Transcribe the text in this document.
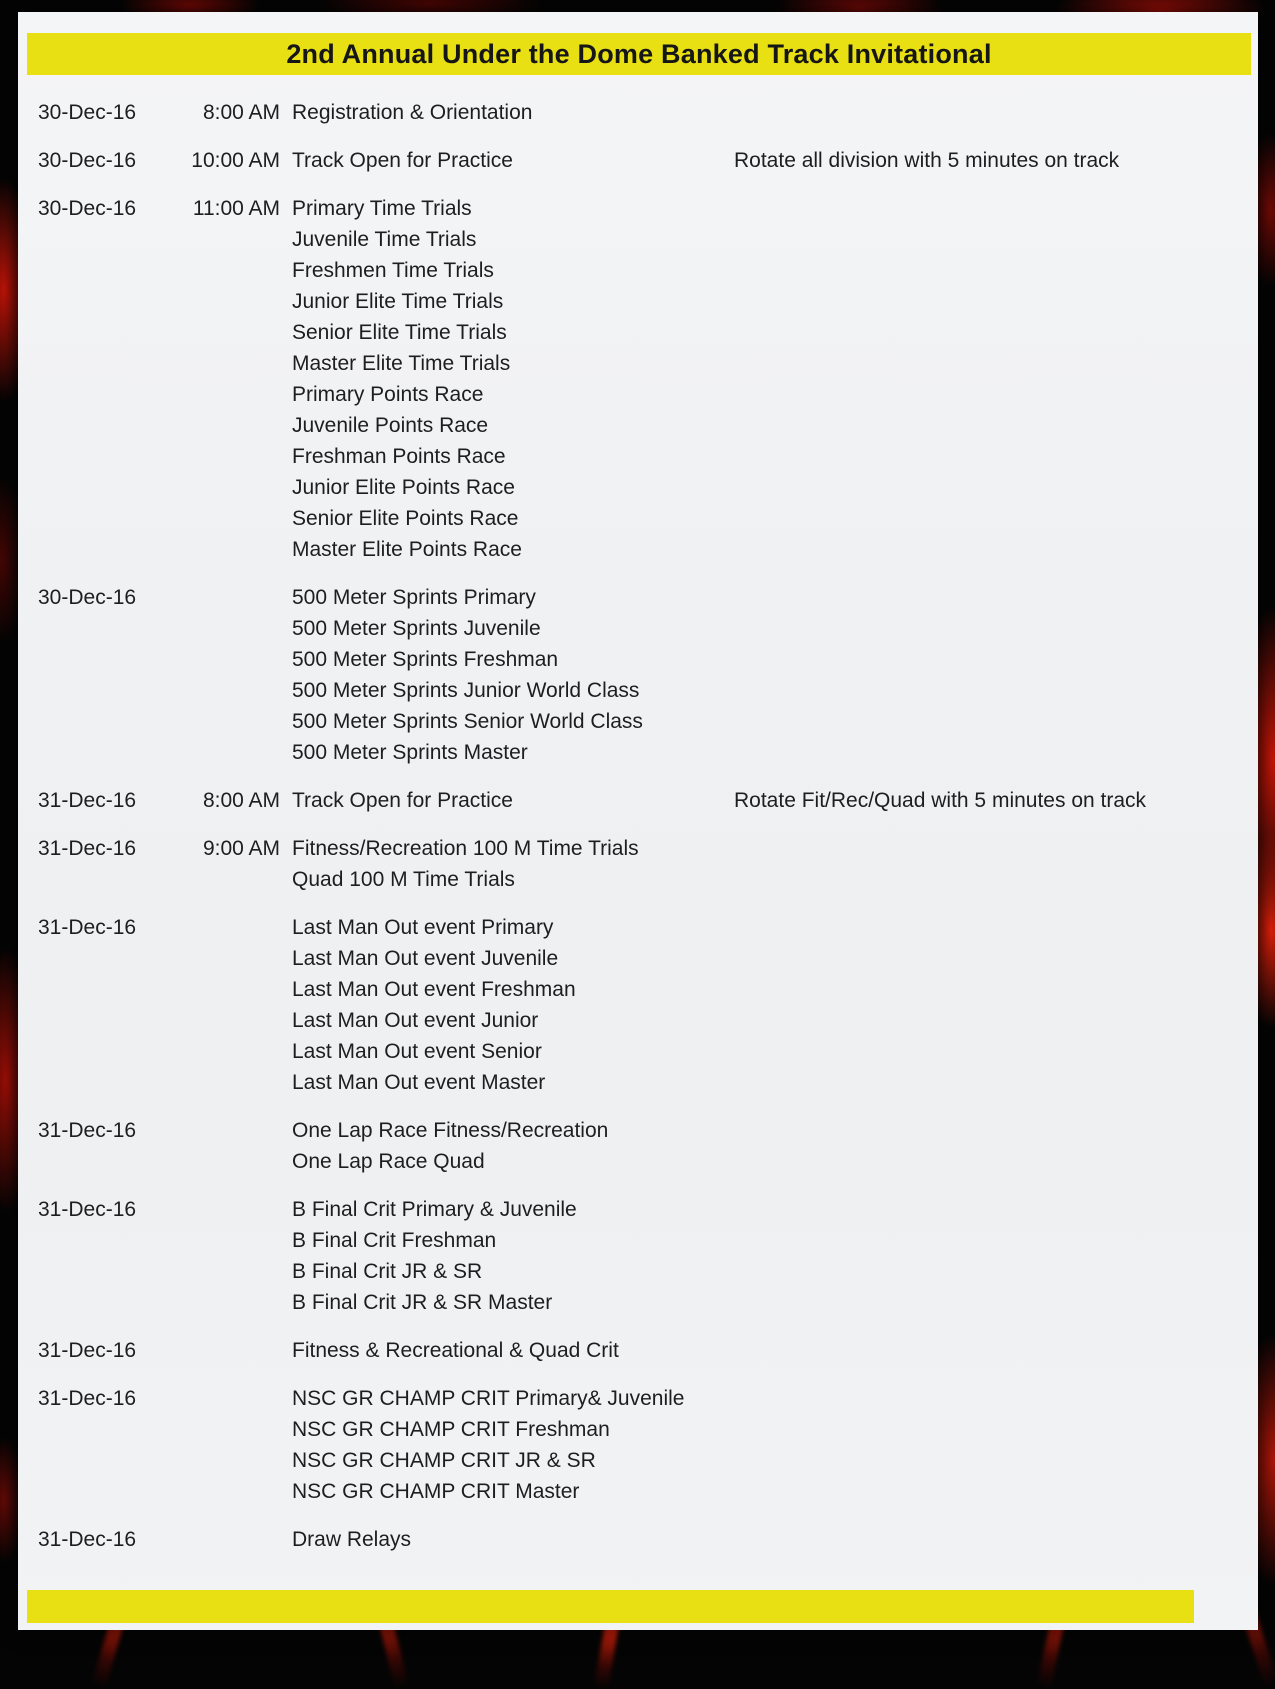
2nd Annual Under the Dome Banked Track Invitational
30-Dec-16	8:00 AM Registration & Orientation
30-Dec-16	10:00 AM Track Open for Practice	Rotate all division with 5 minutes on track
30-Dec-16	11:00 AM Primary Time Trials
Juvenile Time Trials
Freshmen Time Trials
Junior Elite Time Trials
Senior Elite Time Trials
Master Elite Time Trials
Primary Points Race
Juvenile Points Race
Freshman Points Race
Junior Elite Points Race
Senior Elite Points Race
Master Elite Points Race
30-Dec-16	500 Meter Sprints Primary
500 Meter Sprints Juvenile
500 Meter Sprints Freshman
500 Meter Sprints Junior World Class
500 Meter Sprints Senior World Class
500 Meter Sprints Master
31-Dec-16	8:00 AM Track Open for Practice	Rotate Fit/Rec/Quad with 5 minutes on track
31-Dec-16	9:00 AM Fitness/Recreation 100 M Time Trials
Quad 100 M Time Trials
31-Dec-16	Last Man Out event Primary
Last Man Out event Juvenile
Last Man Out event Freshman
Last Man Out event Junior
Last Man Out event Senior
Last Man Out event Master
31-Dec-16	One Lap Race Fitness/Recreation
One Lap Race Quad
31-Dec-16	B Final Crit Primary & Juvenile
B Final Crit Freshman
B Final Crit JR & SR
B Final Crit JR & SR Master
31-Dec-16	Fitness & Recreational & Quad Crit
31-Dec-16	NSC GR CHAMP CRIT Primary& Juvenile
NSC GR CHAMP CRIT Freshman
NSC GR CHAMP CRIT JR & SR
NSC GR CHAMP CRIT Master
31-Dec-16	Draw Relays
